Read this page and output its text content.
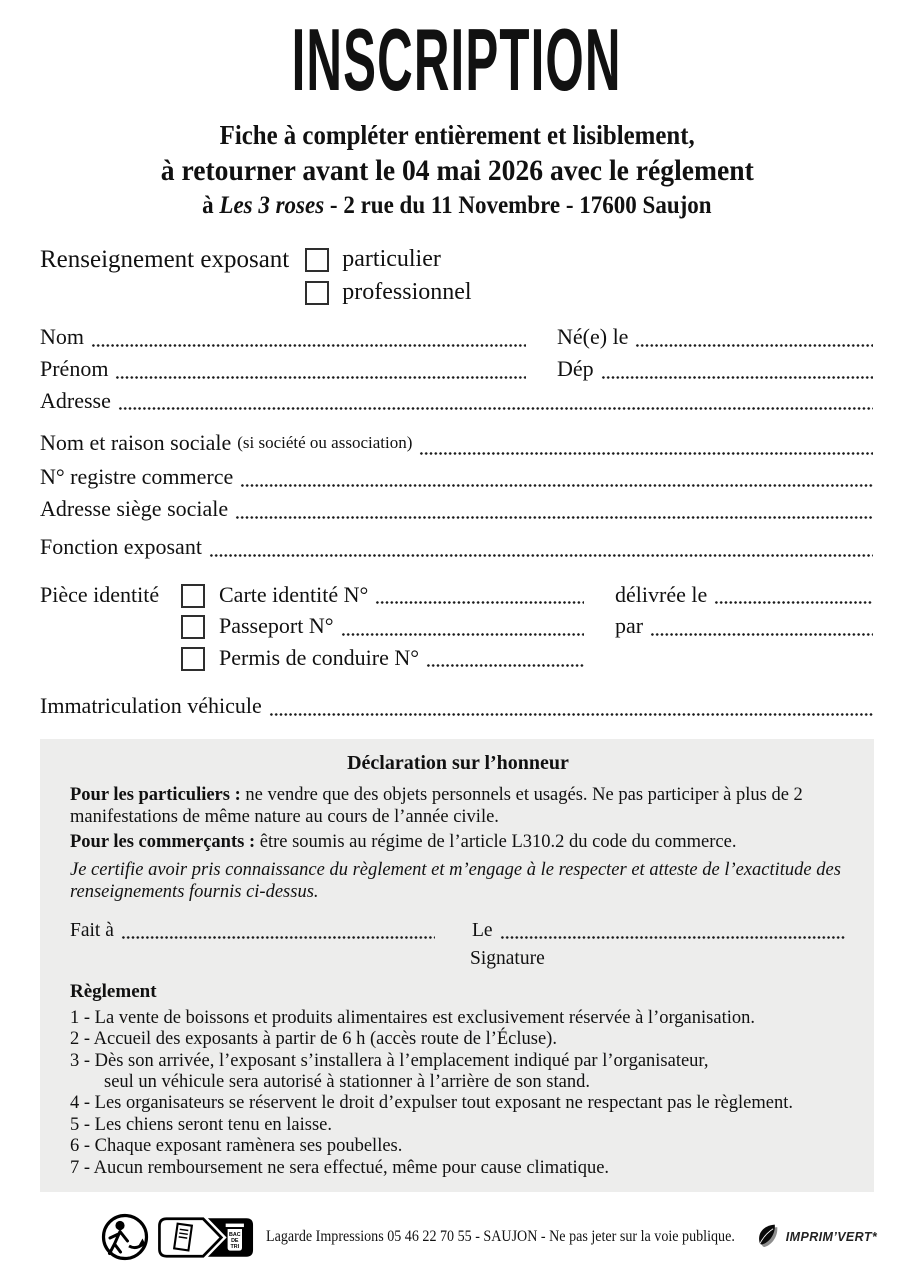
INSCRIPTION
Fiche à compléter entièrement et lisiblement,
à retourner avant le 04 mai 2026 avec le réglement
à Les 3 roses - 2 rue du 11 Novembre - 17600 Saujon
Renseignement exposant particulier
professionnel
Nom	Né(e) le
Prénom	Dép
Adresse
Nom et raison sociale (si société ou association)
N° registre commerce
Adresse siège sociale
Fonction exposant
Pièce identité	Carte identité N°	délivrée le
Passeport N°	par
Permis de conduire N°
Immatriculation véhicule
Déclaration sur l’honneur

Pour les particuliers : ne vendre que des objets personnels et usagés. Ne pas participer à plus de 2 manifestations de même nature au cours de l’année civile.

Pour les commerçants : être soumis au régime de l’article L310.2 du code du commerce.

Je certifie avoir pris connaissance du règlement et m’engage à le respecter et atteste de l’exactitude des renseignements fournis ci-dessus.

Fait à	Le
Signature
Règlement
1 - La vente de boissons et produits alimentaires est exclusivement réservée à l’organisation.
2 - Accueil des exposants à partir de 6 h (accès route de l’Écluse).
3 - Dès son arrivée, l’exposant s’installera à l’emplacement indiqué par l’organisateur,
seul un véhicule sera autorisé à stationner à l’arrière de son stand.
4 - Les organisateurs se réservent le droit d’expulser tout exposant ne respectant pas le règlement.
5 - Les chiens seront tenu en laisse.
6 - Chaque exposant ramènera ses poubelles.
7 - Aucun remboursement ne sera effectué, même pour cause climatique.
BAC
DE
TRI
Lagarde Impressions 05 46 22 70 55 - SAUJON - Ne pas jeter sur la voie publique.	IMPRIM’VERT*
